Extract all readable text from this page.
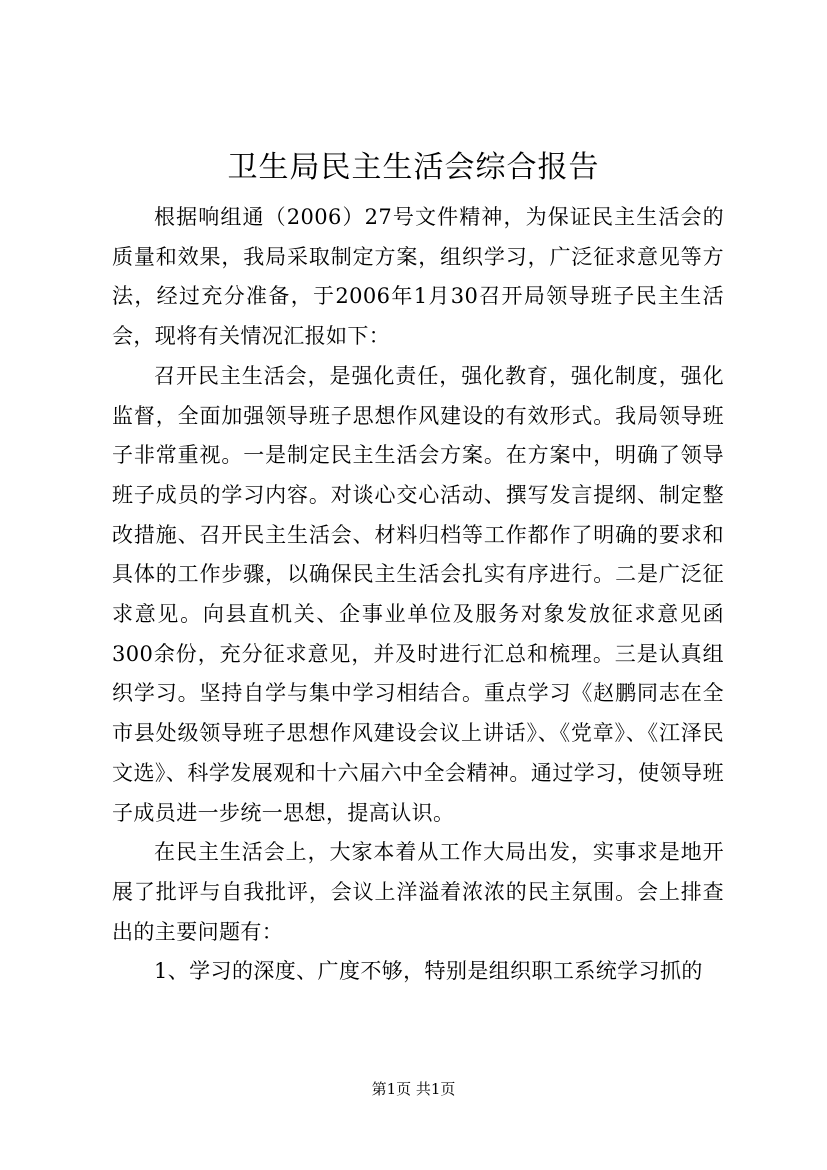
卫生局民主生活会综合报告

根据响组通（2006）27号文件精神，为保证民主生活会的质量和效果，我局采取制定方案，组织学习，广泛征求意见等方法，经过充分准备，于2006年1月30召开局领导班子民主生活会，现将有关情况汇报如下：

召开民主生活会，是强化责任，强化教育，强化制度，强化监督，全面加强领导班子思想作风建设的有效形式。我局领导班子非常重视。一是制定民主生活会方案。在方案中，明确了领导班子成员的学习内容。对谈心交心活动、撰写发言提纲、制定整改措施、召开民主生活会、材料归档等工作都作了明确的要求和具体的工作步骤，以确保民主生活会扎实有序进行。二是广泛征求意见。向县直机关、企事业单位及服务对象发放征求意见函300余份，充分征求意见，并及时进行汇总和梳理。三是认真组织学习。坚持自学与集中学习相结合。重点学习《赵鹏同志在全市县处级领导班子思想作风建设会议上讲话》、《党章》、《江泽民文选》、科学发展观和十六届六中全会精神。通过学习，使领导班子成员进一步统一思想，提高认识。

在民主生活会上，大家本着从工作大局出发，实事求是地开展了批评与自我批评，会议上洋溢着浓浓的民主氛围。会上排查出的主要问题有：

1、学习的深度、广度不够，特别是组织职工系统学习抓的

第1页 共1页
